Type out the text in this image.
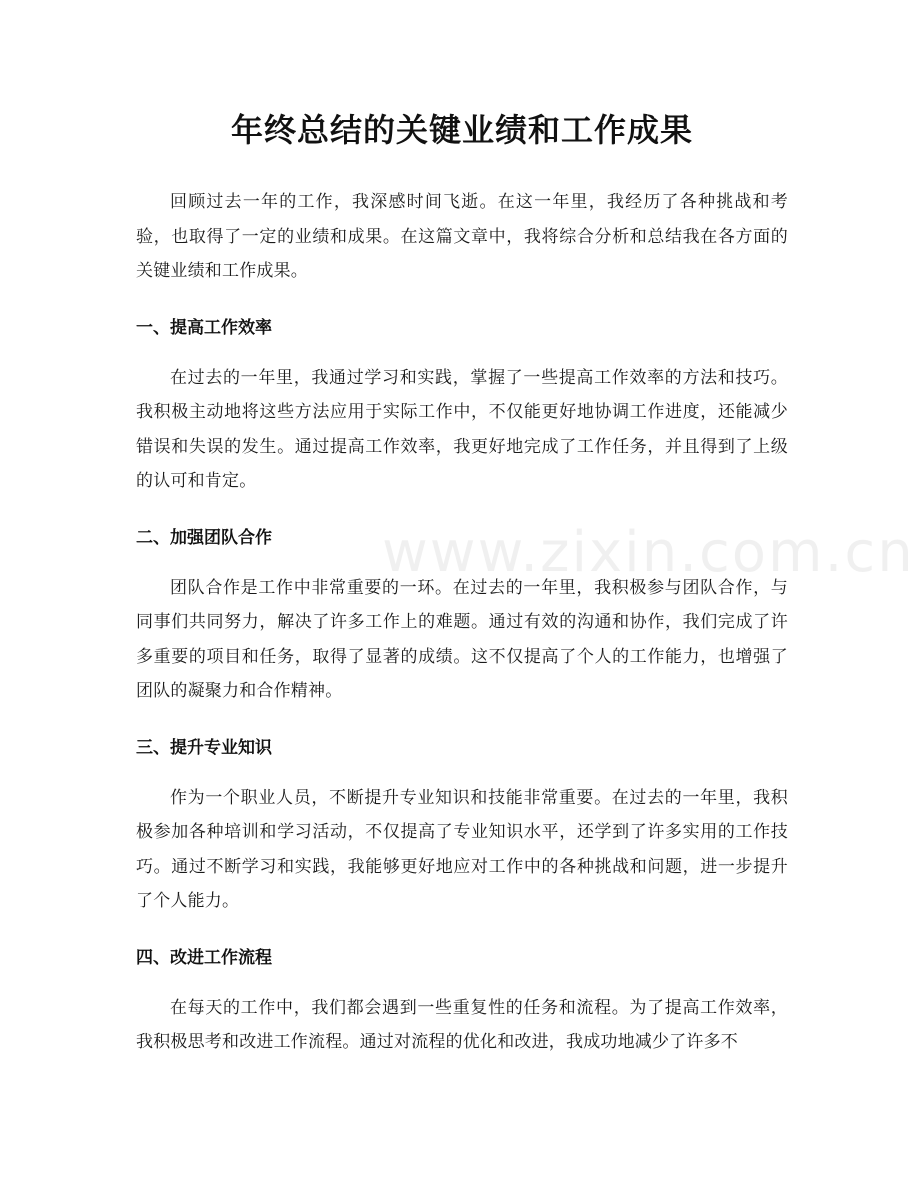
年终总结的关键业绩和工作成果

回顾过去一年的工作，我深感时间飞逝。在这一年里，我经历了各种挑战和考验，也取得了一定的业绩和成果。在这篇文章中，我将综合分析和总结我在各方面的关键业绩和工作成果。

一、提高工作效率

在过去的一年里，我通过学习和实践，掌握了一些提高工作效率的方法和技巧。我积极主动地将这些方法应用于实际工作中，不仅能更好地协调工作进度，还能减少错误和失误的发生。通过提高工作效率，我更好地完成了工作任务，并且得到了上级的认可和肯定。

二、加强团队合作

团队合作是工作中非常重要的一环。在过去的一年里，我积极参与团队合作，与同事们共同努力，解决了许多工作上的难题。通过有效的沟通和协作，我们完成了许多重要的项目和任务，取得了显著的成绩。这不仅提高了个人的工作能力，也增强了团队的凝聚力和合作精神。

三、提升专业知识

作为一个职业人员，不断提升专业知识和技能非常重要。在过去的一年里，我积极参加各种培训和学习活动，不仅提高了专业知识水平，还学到了许多实用的工作技巧。通过不断学习和实践，我能够更好地应对工作中的各种挑战和问题，进一步提升了个人能力。

四、改进工作流程

在每天的工作中，我们都会遇到一些重复性的任务和流程。为了提高工作效率，我积极思考和改进工作流程。通过对流程的优化和改进，我成功地减少了许多不

www.zixin.com.cn
